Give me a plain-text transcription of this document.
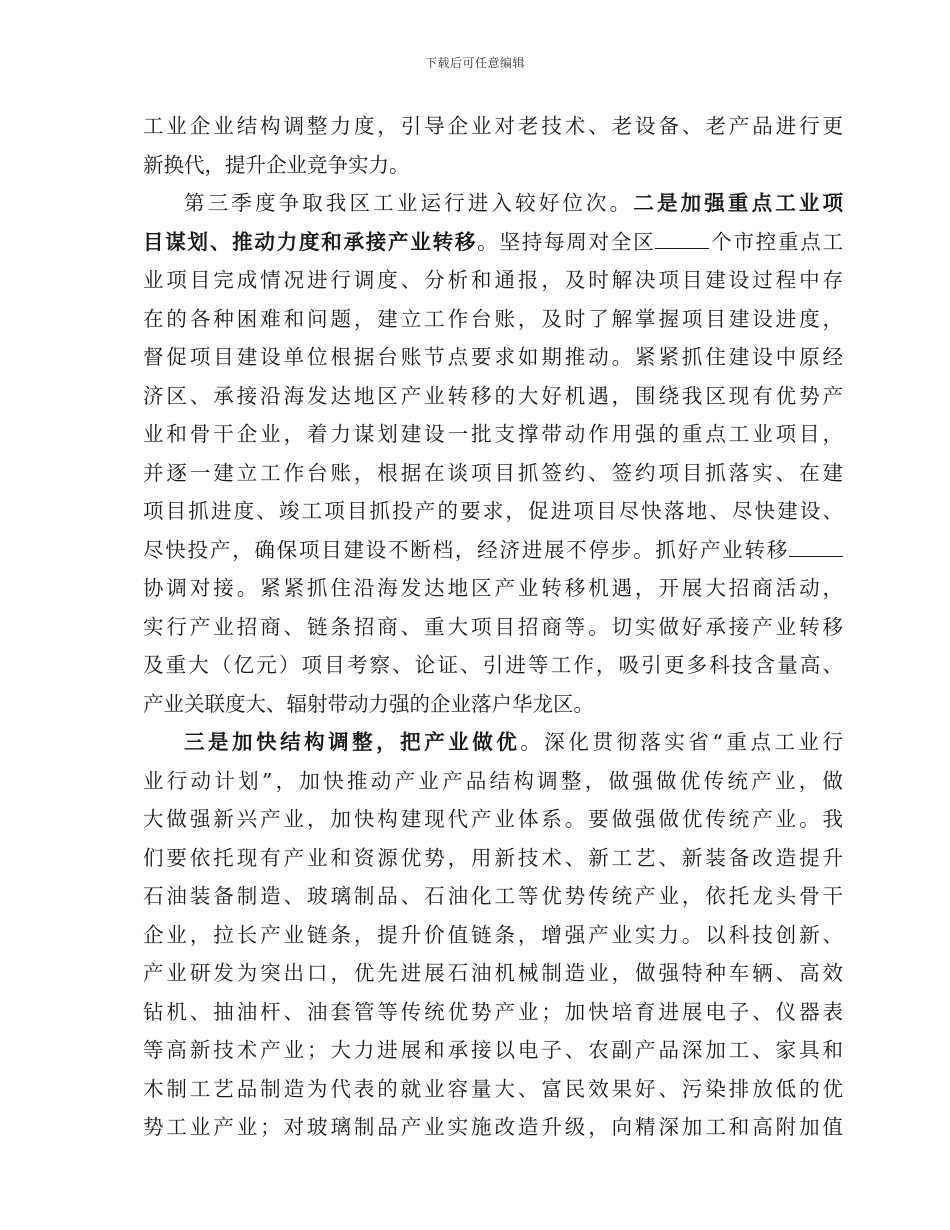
下载后可任意编辑
工业企业结构调整力度，引导企业对老技术、老设备、老产品进行更
新换代，提升企业竞争实力。
第三季度争取我区工业运行进入较好位次。二是加强重点工业项
目谋划、推动力度和承接产业转移。坚持每周对全区	个市控重点工
业项目完成情况进行调度、分析和通报，及时解决项目建设过程中存
在的各种困难和问题，建立工作台账，及时了解掌握项目建设进度，
督促项目建设单位根据台账节点要求如期推动。紧紧抓住建设中原经
济区、承接沿海发达地区产业转移的大好机遇，围绕我区现有优势产
业和骨干企业，着力谋划建设一批支撑带动作用强的重点工业项目，
并逐一建立工作台账，根据在谈项目抓签约、签约项目抓落实、在建
项目抓进度、竣工项目抓投产的要求，促进项目尽快落地、尽快建设、
尽快投产，确保项目建设不断档，经济进展不停步。抓好产业转移
协调对接。紧紧抓住沿海发达地区产业转移机遇，开展大招商活动，
实行产业招商、链条招商、重大项目招商等。切实做好承接产业转移
及重大（亿元）项目考察、论证、引进等工作，吸引更多科技含量高、
产业关联度大、辐射带动力强的企业落户华龙区。
三是加快结构调整，把产业做优。深化贯彻落实省“重点工业行
业行动计划”，加快推动产业产品结构调整，做强做优传统产业，做
大做强新兴产业，加快构建现代产业体系。要做强做优传统产业。我
们要依托现有产业和资源优势，用新技术、新工艺、新装备改造提升
石油装备制造、玻璃制品、石油化工等优势传统产业，依托龙头骨干
企业，拉长产业链条，提升价值链条，增强产业实力。以科技创新、
产业研发为突出口，优先进展石油机械制造业，做强特种车辆、高效
钻机、抽油杆、油套管等传统优势产业；加快培育进展电子、仪器表
等高新技术产业；大力进展和承接以电子、农副产品深加工、家具和
木制工艺品制造为代表的就业容量大、富民效果好、污染排放低的优
势工业产业；对玻璃制品产业实施改造升级，向精深加工和高附加值
